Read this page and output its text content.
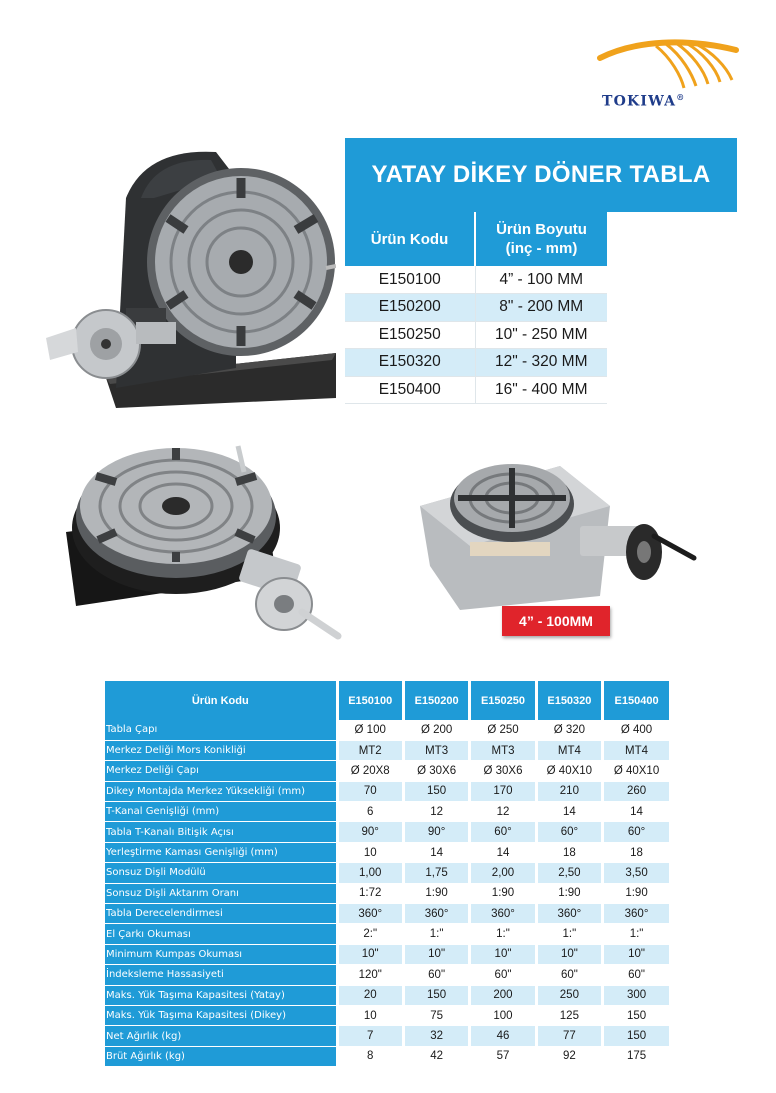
TOKIWA®
YATAY DİKEY DÖNER TABLA
Ürün Kodu	Ürün Boyutu
(inç - mm)
E150100	4” - 100 MM
E150200	8" - 200 MM
E150250	10" - 250 MM
E150320	12" - 320 MM
E150400	16" - 400 MM
4” - 100MM
Ürün Kodu	E150100	E150200	E150250	E150320	E150400
Tabla Çapı	Ø 100	Ø 200	Ø 250	Ø 320	Ø 400
Merkez Deliği Mors Konikliği	MT2	MT3	MT3	MT4	MT4
Merkez Deliği Çapı	Ø 20X8	Ø 30X6	Ø 30X6	Ø 40X10	Ø 40X10
Dikey Montajda Merkez Yüksekliği (mm)	70	150	170	210	260
T-Kanal Genişliği (mm)	6	12	12	14	14
Tabla T-Kanalı Bitişik Açısı	90°	90°	60°	60°	60°
Yerleştirme Kaması Genişliği (mm)	10	14	14	18	18
Sonsuz Dişli Modülü	1,00	1,75	2,00	2,50	3,50
Sonsuz Dişli Aktarım Oranı	1:72	1:90	1:90	1:90	1:90
Tabla Derecelendirmesi	360°	360°	360°	360°	360°
El Çarkı Okuması	2:"	1:"	1:"	1:"	1:"
Minimum Kumpas Okuması	10"	10"	10"	10"	10"
İndeksleme Hassasiyeti	120"	60"	60"	60"	60"
Maks. Yük Taşıma Kapasitesi (Yatay)	20	150	200	250	300
Maks. Yük Taşıma Kapasitesi (Dikey)	10	75	100	125	150
Net Ağırlık (kg)	7	32	46	77	150
Brüt Ağırlık (kg)	8	42	57	92	175
